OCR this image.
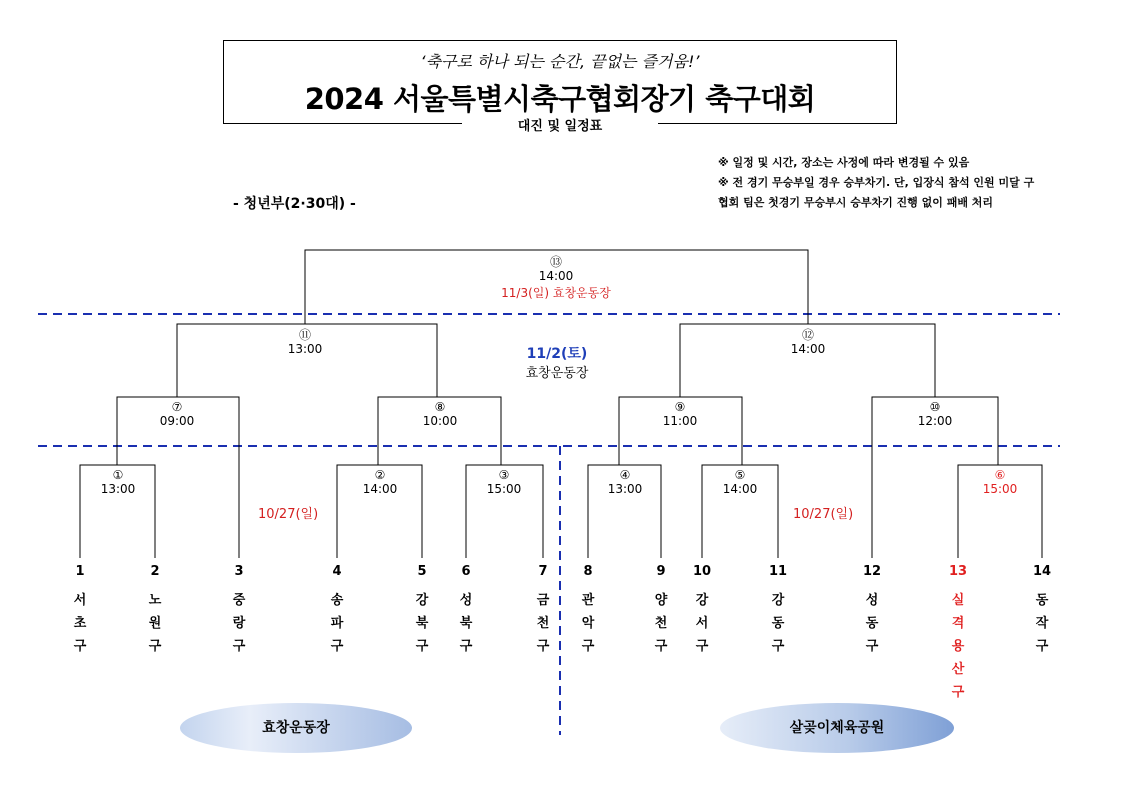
‘축구로 하나 되는 순간, 끝없는 즐거움!’
2024 서울특별시축구협회장기 축구대회
대진 및 일정표
※ 일정 및 시간, 장소는 사정에 따라 변경될 수 있음
※ 전 경기 무승부일 경우 승부차기. 단, 입장식 참석 인원 미달 구
협회 팀은 첫경기 무승부시 승부차기 진행 없이 패배 처리
- 청년부(2·30대) -
⑬
14:00
11/3(일) 효창운동장
11/2(토)
효창운동장
⑪
13:00
⑫
14:00
⑦
09:00
⑧
10:00
⑨
11:00
⑩
12:00
①
13:00
②
14:00
③
15:00
④
13:00
⑤
14:00
⑥
15:00
10/27(일)	10/27(일)
1
서
초
구
2
노
원
구
3
중
랑
구
4
송
파
구
5
강
북
구
6
성
북
구
7
금
천
구
8
관
악
구
9
양
천
구
10
강
서
구
11
강
동
구
12
성
동
구
13
실
격
용
산
구
14
동
작
구
효창운동장	살곶이체육공원
